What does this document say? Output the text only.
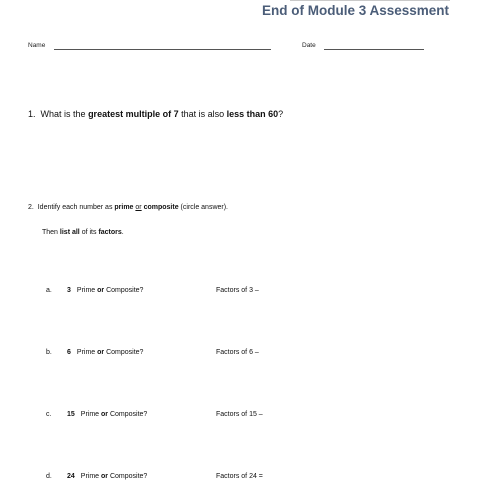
End of Module 3 Assessment
Name	Date
1. What is the greatest multiple of 7 that is also less than 60?
2. Identify each number as prime or composite (circle answer).
Then list all of its factors.
a. 3 Prime or Composite?	Factors of 3 –
b. 6 Prime or Composite?	Factors of 6 –
c. 15 Prime or Composite?	Factors of 15 –
d. 24 Prime or Composite?	Factors of 24 =
